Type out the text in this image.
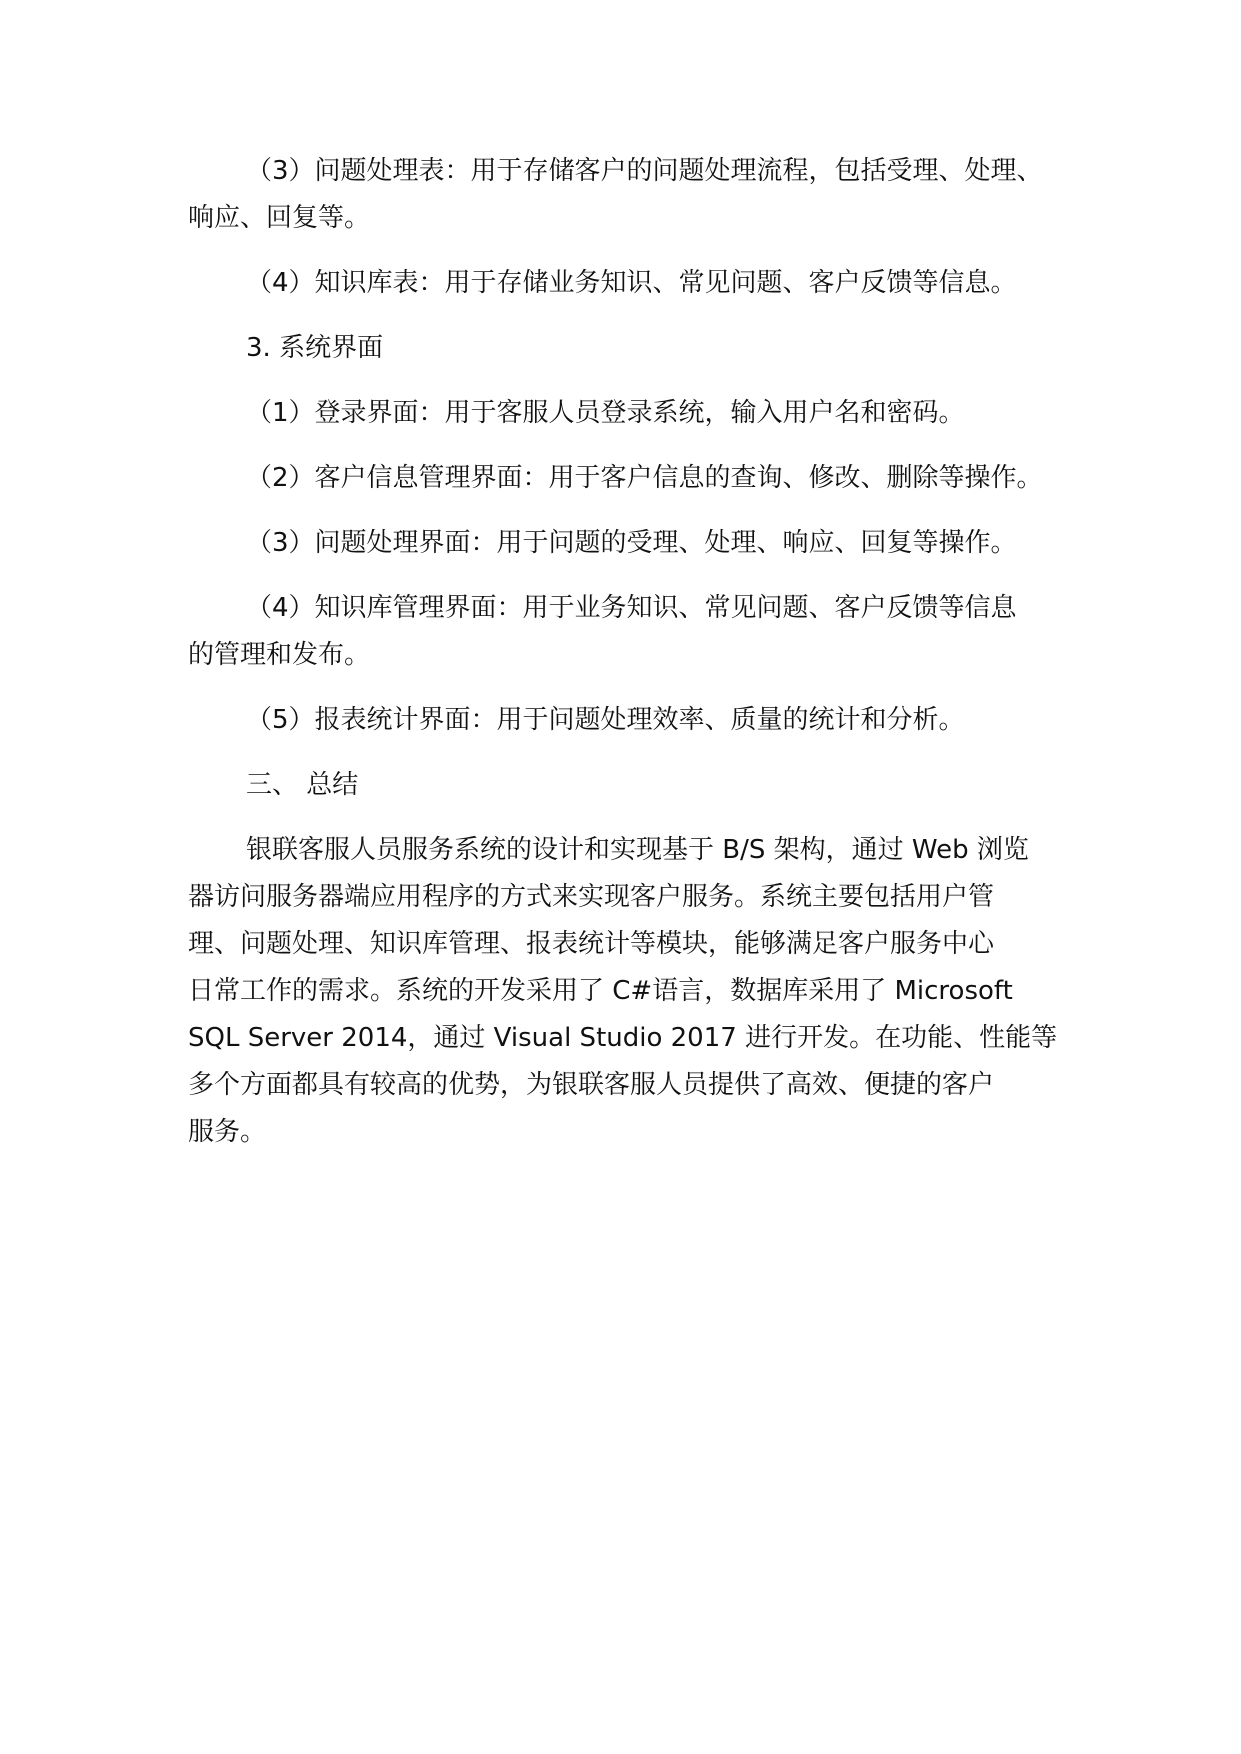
（3）问题处理表：用于存储客户的问题处理流程，包括受理、处理、
响应、回复等。

（4）知识库表：用于存储业务知识、常见问题、客户反馈等信息。

3. 系统界面

（1）登录界面：用于客服人员登录系统，输入用户名和密码。

（2）客户信息管理界面：用于客户信息的查询、修改、删除等操作。

（3）问题处理界面：用于问题的受理、处理、响应、回复等操作。

（4）知识库管理界面：用于业务知识、常见问题、客户反馈等信息
的管理和发布。

（5）报表统计界面：用于问题处理效率、质量的统计和分析。

三、 总结

银联客服人员服务系统的设计和实现基于 B/S 架构，通过 Web 浏览
器访问服务器端应用程序的方式来实现客户服务。系统主要包括用户管
理、问题处理、知识库管理、报表统计等模块，能够满足客户服务中心
日常工作的需求。系统的开发采用了 C#语言，数据库采用了 Microsoft
SQL Server 2014，通过 Visual Studio 2017 进行开发。在功能、性能等
多个方面都具有较高的优势，为银联客服人员提供了高效、便捷的客户
服务。
